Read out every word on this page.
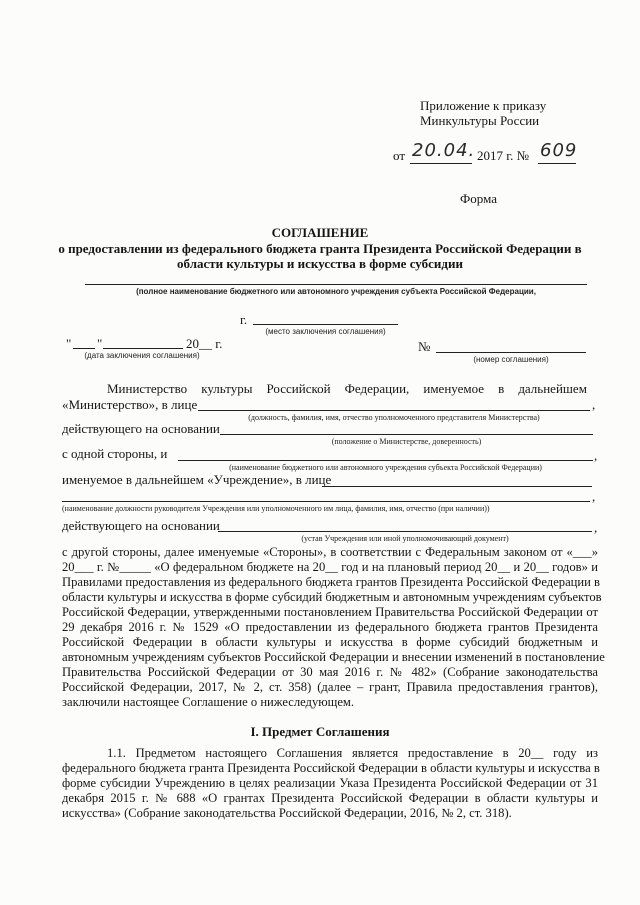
Приложение к приказу
Минкультуры России
от 20.04. 2017 г. № 609
Форма
СОГЛАШЕНИЕ
о предоставлении из федерального бюджета гранта Президента Российской Федерации в
области культуры и искусства в форме субсидии
(полное наименование бюджетного или автономного учреждения субъекта Российской Федерации,
г.
(место заключения соглашения)
" "	20__ г.
(дата заключения соглашения)
№
(номер соглашения)
Министерство культуры Российской Федерации, именуемое в дальнейшем
«Министерство», в лице	,
(должность, фамилия, имя, отчество уполномоченного представителя Министерства)
действующего на основании
(положение о Министерстве, доверенность)
с одной стороны, и	,
(наименование бюджетного или автономного учреждения субъекта Российской Федерации)
именуемое в дальнейшем «Учреждение», в лице
,
(наименование должности руководителя Учреждения или уполномоченного им лица, фамилия, имя, отчество (при наличии))
действующего на основании	,
(устав Учреждения или иной уполномочивающий документ)
с другой стороны, далее именуемые «Стороны», в соответствии с Федеральным законом от «___»
20___ г. №_____ «О федеральном бюджете на 20__ год и на плановый период 20__ и 20__ годов» и
Правилами предоставления из федерального бюджета грантов Президента Российской Федерации в
области культуры и искусства в форме субсидий бюджетным и автономным учреждениям субъектов
Российской Федерации, утвержденными постановлением Правительства Российской Федерации от
29 декабря 2016 г. № 1529 «О предоставлении из федерального бюджета грантов Президента
Российской Федерации в области культуры и искусства в форме субсидий бюджетным и
автономным учреждениям субъектов Российской Федерации и внесении изменений в постановление
Правительства Российской Федерации от 30 мая 2016 г. № 482» (Собрание законодательства
Российской Федерации, 2017, № 2, ст. 358) (далее – грант, Правила предоставления грантов),
заключили настоящее Соглашение о нижеследующем.
I. Предмет Соглашения
1.1. Предметом настоящего Соглашения является предоставление в 20__ году из
федерального бюджета гранта Президента Российской Федерации в области культуры и искусства в
форме субсидии Учреждению в целях реализации Указа Президента Российской Федерации от 31
декабря 2015 г. № 688 «О грантах Президента Российской Федерации в области культуры и
искусства» (Собрание законодательства Российской Федерации, 2016, № 2, ст. 318).
